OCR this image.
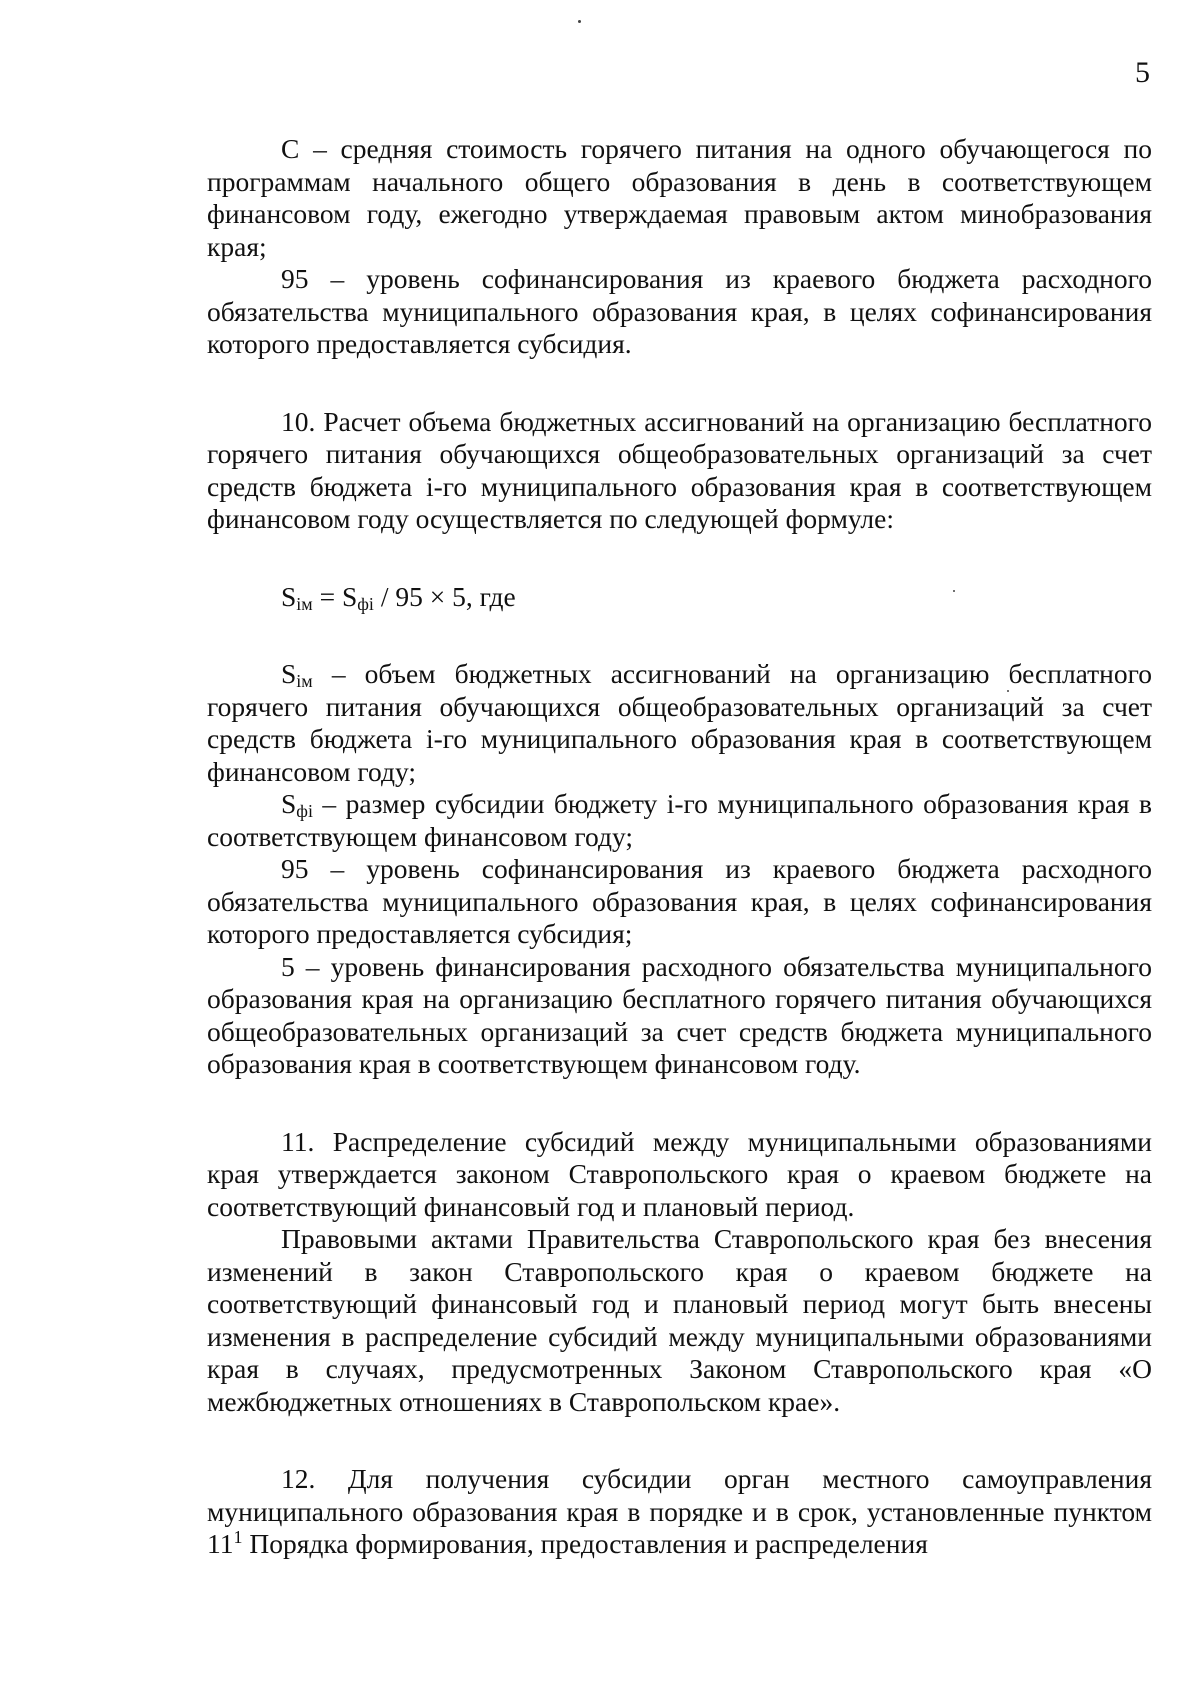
5

С – средняя стоимость горячего питания на одного обучающегося по программам начального общего образования в день в соответствующем финансовом году, ежегодно утверждаемая правовым актом минобразования края;

95 – уровень софинансирования из краевого бюджета расходного обязательства муниципального образования края, в целях софинансирования которого предоставляется субсидия.

10. Расчет объема бюджетных ассигнований на организацию бесплатного горячего питания обучающихся общеобразовательных организаций за счет средств бюджета i-го муниципального образования края в соответствующем финансовом году осуществляется по следующей формуле:

$S_{iм} = S_{фi} / 95 \times 5$, где

$S_{iм}$ – объем бюджетных ассигнований на организацию бесплатного горячего питания обучающихся общеобразовательных организаций за счет средств бюджета i-го муниципального образования края в соответствующем финансовом году;

$S_{фi}$ – размер субсидии бюджету i-го муниципального образования края в соответствующем финансовом году;

95 – уровень софинансирования из краевого бюджета расходного обязательства муниципального образования края, в целях софинансирования которого предоставляется субсидия;

5 – уровень финансирования расходного обязательства муниципального образования края на организацию бесплатного горячего питания обучающихся общеобразовательных организаций за счет средств бюджета муниципального образования края в соответствующем финансовом году.

11. Распределение субсидий между муниципальными образованиями края утверждается законом Ставропольского края о краевом бюджете на соответствующий финансовый год и плановый период.

Правовыми актами Правительства Ставропольского края без внесения изменений в закон Ставропольского края о краевом бюджете на соответствующий финансовый год и плановый период могут быть внесены изменения в распределение субсидий между муниципальными образованиями края в случаях, предусмотренных Законом Ставропольского края «О межбюджетных отношениях в Ставропольском крае».

12. Для получения субсидии орган местного самоуправления муниципального образования края в порядке и в срок, установленные пунктом $11^1$ Порядка формирования, предоставления и распределения
